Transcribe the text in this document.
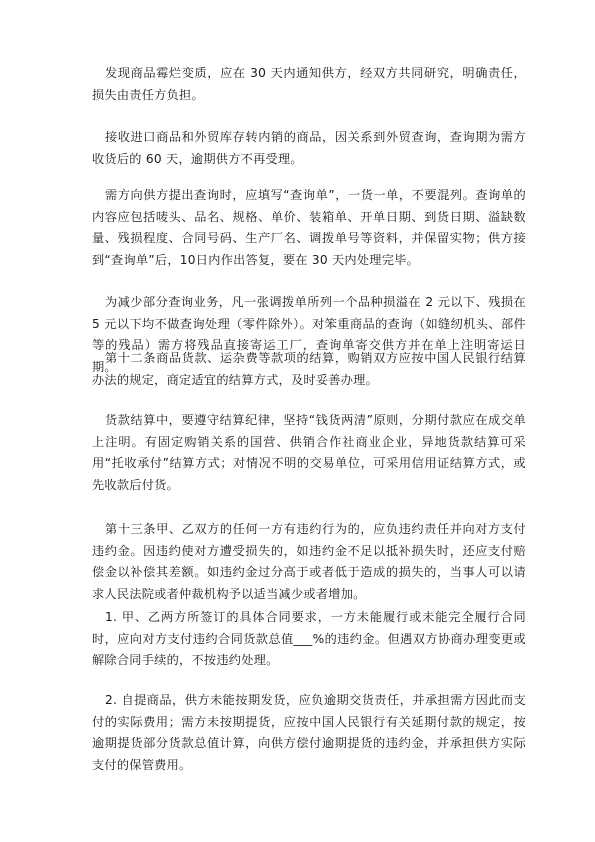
发现商品霉烂变质，应在 30 天内通知供方，经双方共同研究，明确责任，损失由责任方负担。

接收进口商品和外贸库存转内销的商品，因关系到外贸查询，查询期为需方收货后的 60 天，逾期供方不再受理。

需方向供方提出查询时，应填写“查询单”，一货一单，不要混列。查询单的内容应包括唛头、品名、规格、单价、装箱单、开单日期、到货日期、溢缺数量、残损程度、合同号码、生产厂名、调拨单号等资料，并保留实物；供方接到“查询单”后，10日内作出答复，要在 30 天内处理完毕。

为减少部分查询业务，凡一张调拨单所列一个品种损溢在 2 元以下、残损在 5 元以下均不做查询处理（零件除外）。对笨重商品的查询（如缝纫机头、部件等的残品）需方将残品直接寄运工厂，查询单寄交供方并在单上注明寄运日期。

第十二条商品货款、运杂费等款项的结算，购销双方应按中国人民银行结算办法的规定，商定适宜的结算方式，及时妥善办理。

货款结算中，要遵守结算纪律，坚持“钱货两清”原则，分期付款应在成交单上注明。有固定购销关系的国营、供销合作社商业企业，异地货款结算可采用“托收承付”结算方式；对情况不明的交易单位，可采用信用证结算方式，或先收款后付货。

第十三条甲、乙双方的任何一方有违约行为的，应负违约责任并向对方支付违约金。因违约使对方遭受损失的，如违约金不足以抵补损失时，还应支付赔偿金以补偿其差额。如违约金过分高于或者低于造成的损失的，当事人可以请求人民法院或者仲裁机构予以适当减少或者增加。

1. 甲、乙两方所签订的具体合同要求，一方未能履行或未能完全履行合同时，应向对方支付违约合同货款总值___%的违约金。但遇双方协商办理变更或解除合同手续的，不按违约处理。

2. 自提商品，供方未能按期发货，应负逾期交货责任，并承担需方因此而支付的实际费用；需方未按期提货，应按中国人民银行有关延期付款的规定，按逾期提货部分货款总值计算，向供方偿付逾期提货的违约金，并承担供方实际支付的保管费用。
